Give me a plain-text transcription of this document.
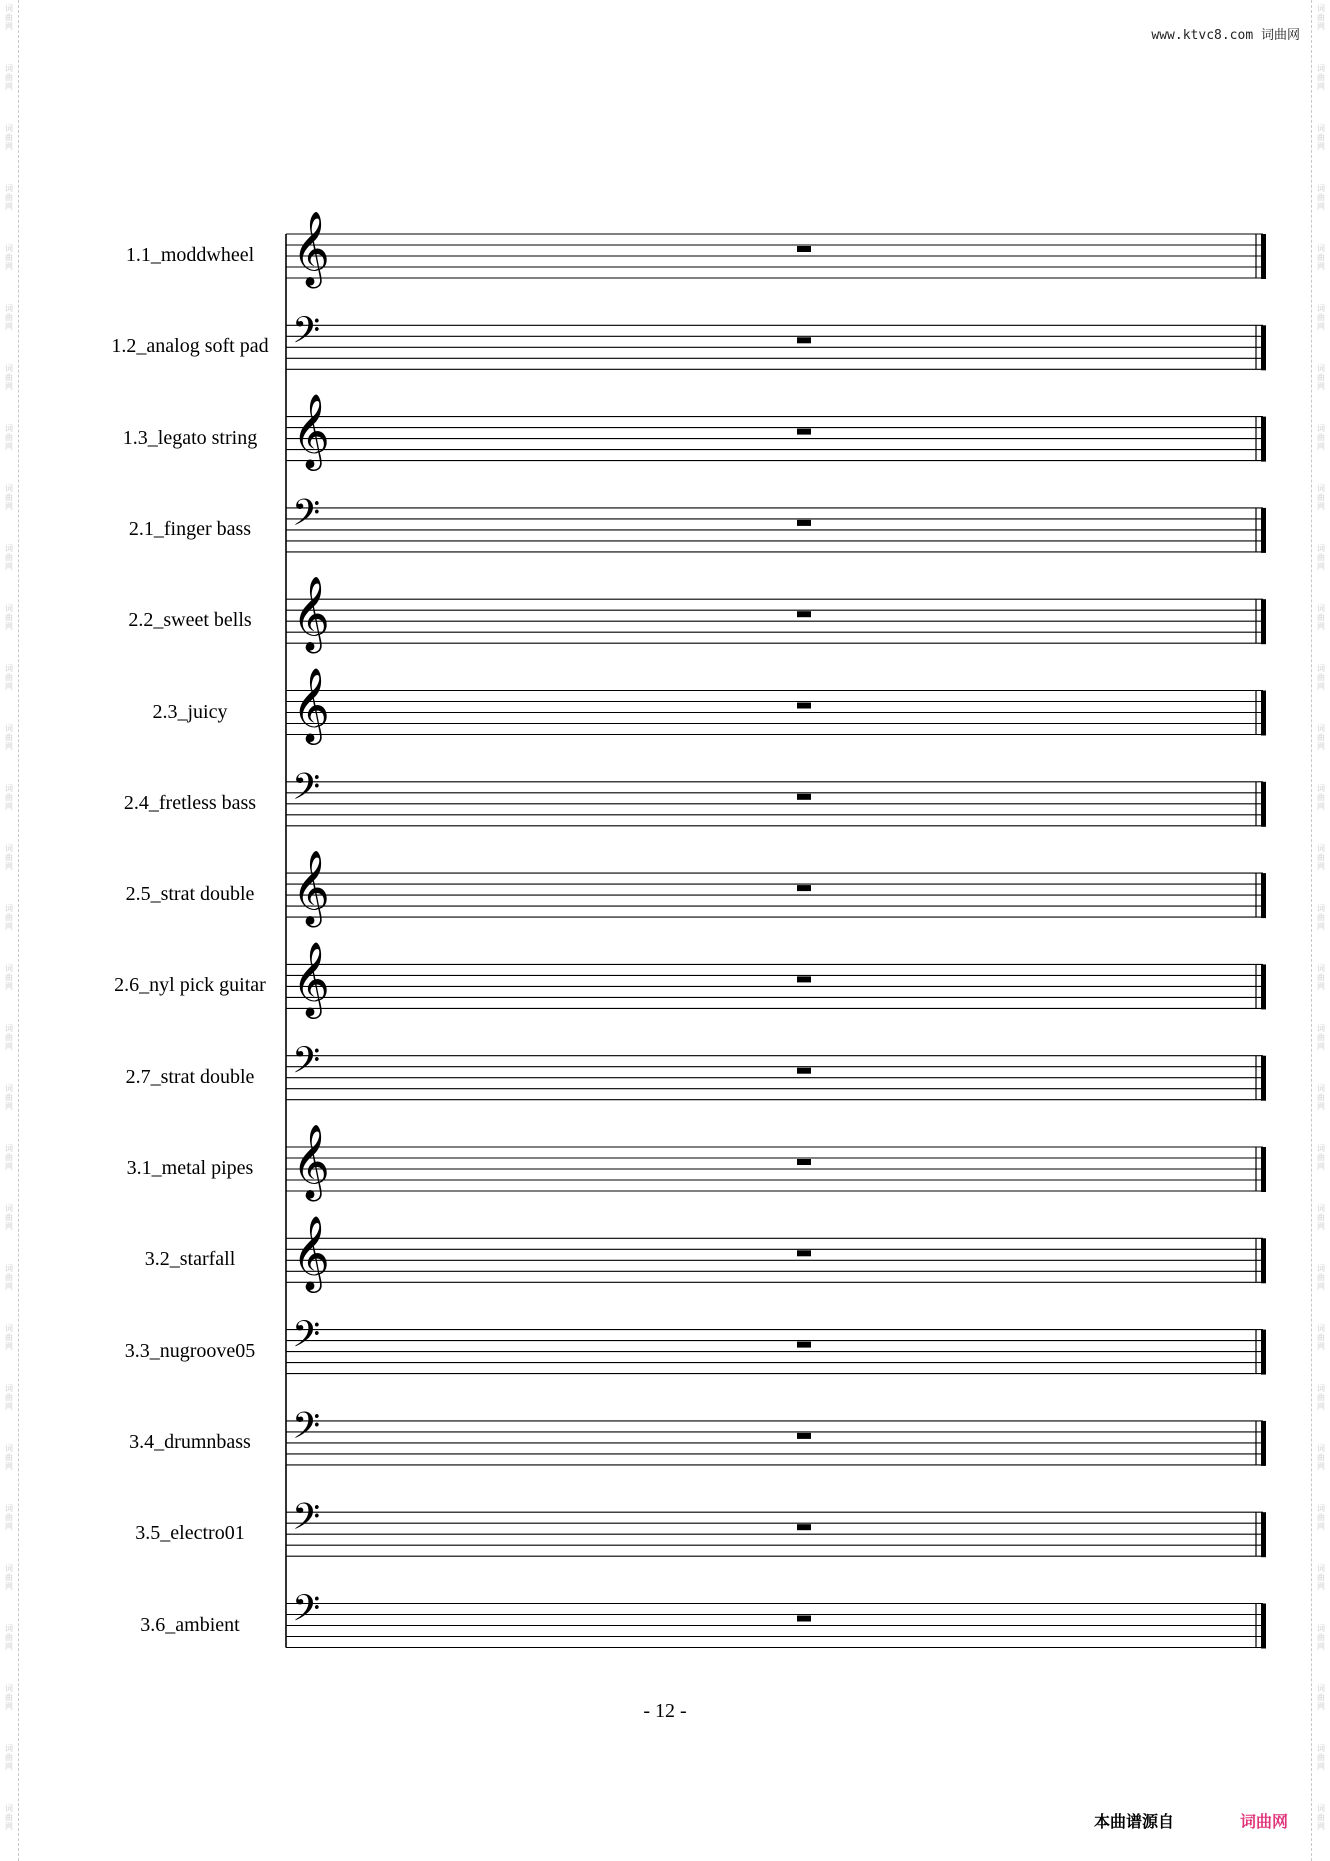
词曲网
词曲网
词曲网
词曲网
词曲网
词曲网
词曲网
词曲网
词曲网
词曲网
词曲网
词曲网
词曲网
词曲网
词曲网
词曲网
词曲网
词曲网
词曲网
词曲网
词曲网
词曲网
词曲网
词曲网
词曲网
词曲网
词曲网
词曲网
词曲网
词曲网
词曲网
词曲网
词曲网
词曲网
词曲网
词曲网
词曲网
词曲网
词曲网
词曲网
词曲网
词曲网
词曲网
词曲网
词曲网
词曲网
词曲网
词曲网
词曲网
词曲网
词曲网
词曲网
词曲网
词曲网
词曲网
词曲网
词曲网
词曲网
词曲网
词曲网
词曲网
词曲网
www.ktvc8.com 词曲网
𝄞
𝄢
𝄞
𝄢
𝄞
𝄞
𝄢
𝄞
𝄞
𝄢
𝄞
𝄞
𝄢
𝄢
𝄢
𝄢
1.1_moddwheel
1.2_analog soft pad
1.3_legato string
2.1_finger bass
2.2_sweet bells
2.3_juicy
2.4_fretless bass
2.5_strat double
2.6_nyl pick guitar
2.7_strat double
3.1_metal pipes
3.2_starfall
3.3_nugroove05
3.4_drumnbass
3.5_electro01
3.6_ambient
- 12 -
本曲谱源自	词曲网
